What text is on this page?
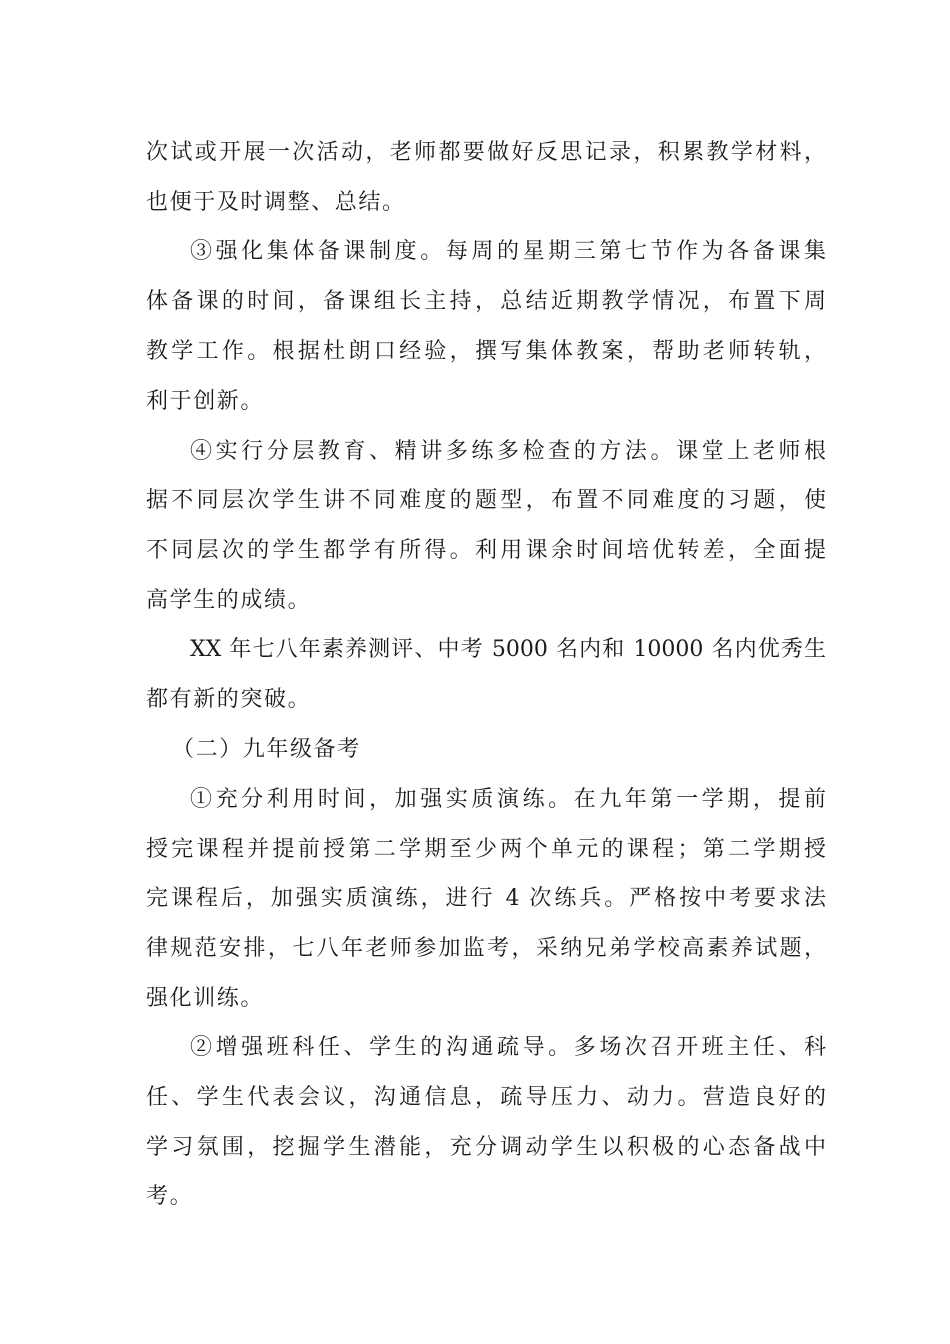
次试或开展一次活动，老师都要做好反思记录，积累教学材料，
也便于及时调整、总结。
③强化集体备课制度。每周的星期三第七节作为各备课集
体备课的时间，备课组长主持，总结近期教学情况，布置下周
教学工作。根据杜朗口经验，撰写集体教案，帮助老师转轨，
利于创新。
④实行分层教育、精讲多练多检查的方法。课堂上老师根
据不同层次学生讲不同难度的题型，布置不同难度的习题，使
不同层次的学生都学有所得。利用课余时间培优转差，全面提
高学生的成绩。
XX 年七八年素养测评、中考 5000 名内和 10000 名内优秀生
都有新的突破。
（二）九年级备考
①充分利用时间，加强实质演练。在九年第一学期，提前
授完课程并提前授第二学期至少两个单元的课程；第二学期授
完课程后，加强实质演练，进行 4 次练兵。严格按中考要求法
律规范安排，七八年老师参加监考，采纳兄弟学校高素养试题，
强化训练。
②增强班科任、学生的沟通疏导。多场次召开班主任、科
任、学生代表会议，沟通信息，疏导压力、动力。营造良好的
学习氛围，挖掘学生潜能，充分调动学生以积极的心态备战中
考。
